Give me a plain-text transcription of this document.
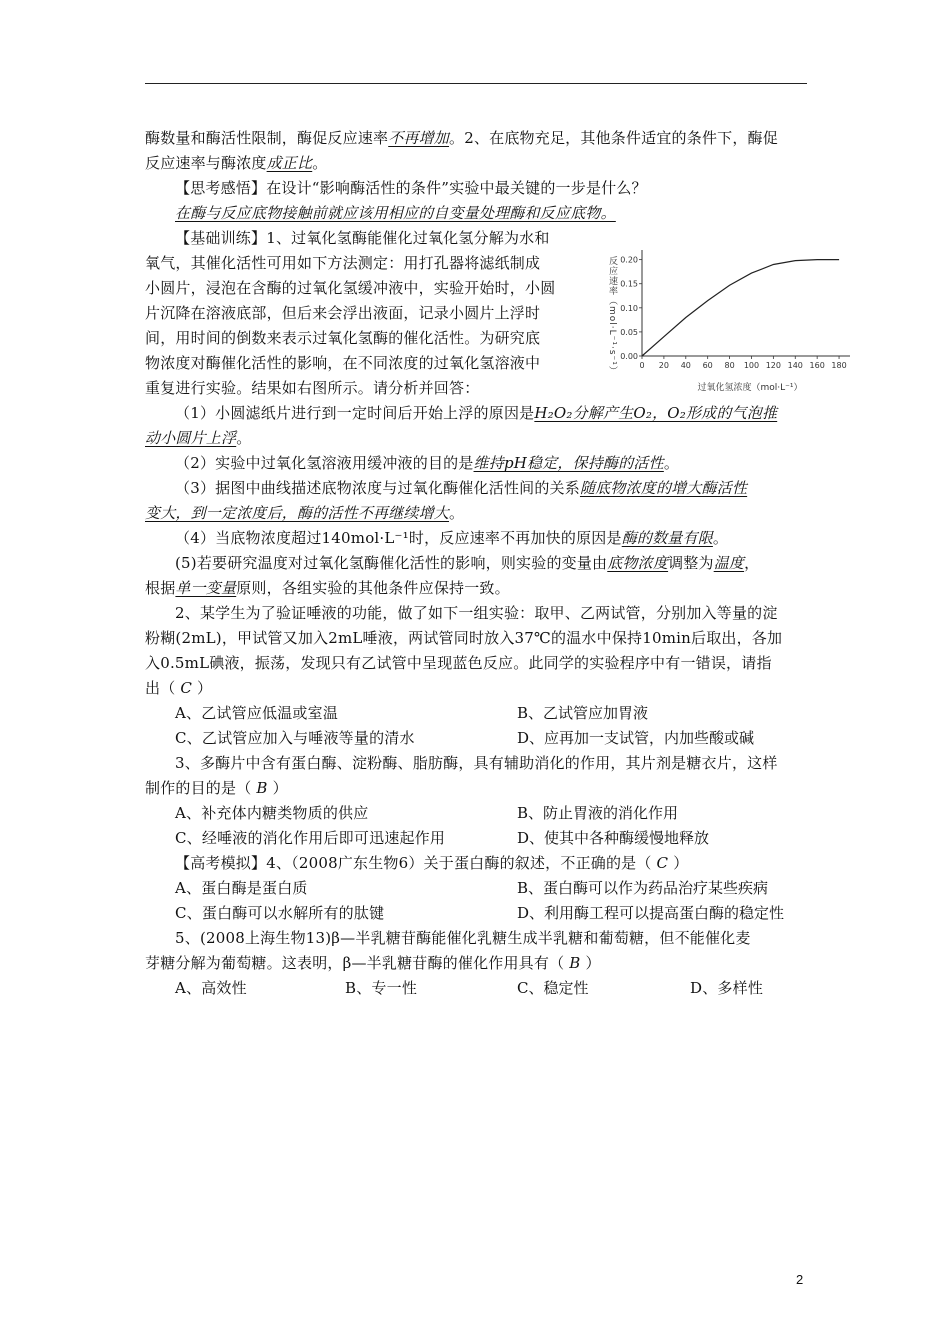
酶数量和酶活性限制，酶促反应速率不再增加。2、在底物充足，其他条件适宜的条件下，酶促
反应速率与酶浓度成正比。
【思考感悟】在设计“影响酶活性的条件”实验中最关键的一步是什么？
在酶与反应底物接触前就应该用相应的自变量处理酶和反应底物。
【基础训练】1、过氧化氢酶能催化过氧化氢分解为水和
氧气，其催化活性可用如下方法测定：用打孔器将滤纸制成
小圆片，浸泡在含酶的过氧化氢缓冲液中，实验开始时，小圆
片沉降在溶液底部，但后来会浮出液面，记录小圆片上浮时
间，用时间的倒数来表示过氧化氢酶的催化活性。为研究底
物浓度对酶催化活性的影响，在不同浓度的过氧化氢溶液中
重复进行实验。结果如右图所示。请分析并回答：
反应速率（mol·L⁻¹·s⁻¹）	0 20 40 60 80 100 120 140 160 180
0.00
0.05
0.10
0.15
0.20
过氧化氢浓度（mol·L⁻¹）
（1）小圆滤纸片进行到一定时间后开始上浮的原因是H₂O₂分解产生O₂，O₂形成的气泡推
动小圆片上浮。
（2）实验中过氧化氢溶液用缓冲液的目的是维持pH稳定，保持酶的活性。
（3）据图中曲线描述底物浓度与过氧化酶催化活性间的关系随底物浓度的增大酶活性
变大，到一定浓度后，酶的活性不再继续增大。
（4）当底物浓度超过140mol·L⁻¹时，反应速率不再加快的原因是酶的数量有限。
(5)若要研究温度对过氧化氢酶催化活性的影响，则实验的变量由底物浓度调整为温度，
根据单一变量原则，各组实验的其他条件应保持一致。
2、某学生为了验证唾液的功能，做了如下一组实验：取甲、乙两试管，分别加入等量的淀
粉糊(2mL)，甲试管又加入2mL唾液，两试管同时放入37℃的温水中保持10min后取出，各加
入0.5mL碘液，振荡，发现只有乙试管中呈现蓝色反应。此同学的实验程序中有一错误，请指
出（ C ）
A、乙试管应低温或室温	B、乙试管应加胃液
C、乙试管应加入与唾液等量的清水	D、应再加一支试管，内加些酸或碱
3、多酶片中含有蛋白酶、淀粉酶、脂肪酶，具有辅助消化的作用，其片剂是糖衣片，这样
制作的目的是（ B ）
A、补充体内糖类物质的供应	B、防止胃液的消化作用
C、经唾液的消化作用后即可迅速起作用	D、使其中各种酶缓慢地释放
【高考模拟】4、（2008广东生物6）关于蛋白酶的叙述，不正确的是（ C ）
A、蛋白酶是蛋白质	B、蛋白酶可以作为药品治疗某些疾病
C、蛋白酶可以水解所有的肽键	D、利用酶工程可以提高蛋白酶的稳定性
5、(2008上海生物13)β—半乳糖苷酶能催化乳糖生成半乳糖和葡萄糖，但不能催化麦
芽糖分解为葡萄糖。这表明，β—半乳糖苷酶的催化作用具有（ B ）
A、高效性	B、专一性	C、稳定性	D、多样性
2
